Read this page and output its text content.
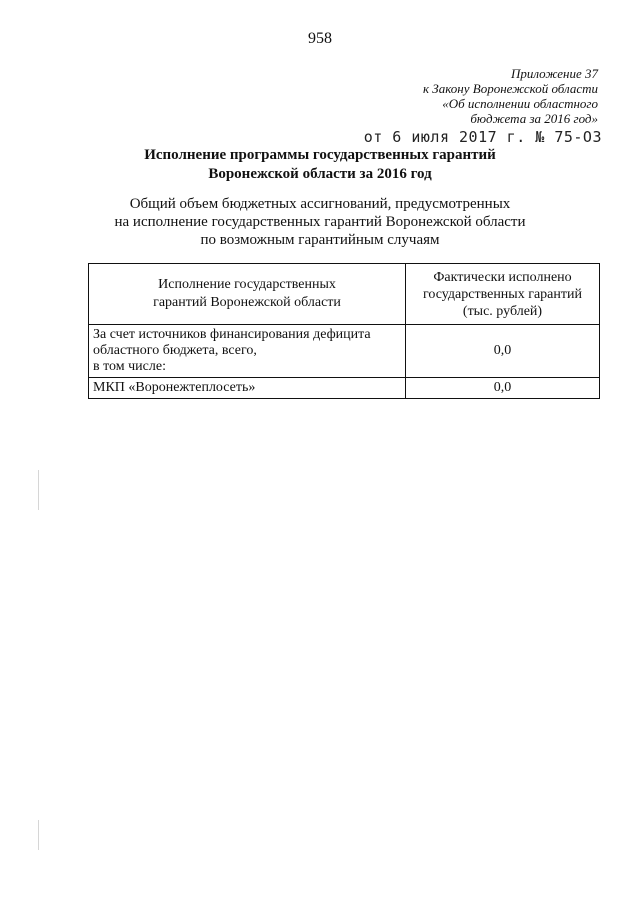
958
Приложение 37
к Закону Воронежской области
«Об исполнении областного
бюджета за 2016 год»
от 6 июля 2017 г. № 75-ОЗ
Исполнение программы государственных гарантий
Воронежской области за 2016 год
Общий объем бюджетных ассигнований, предусмотренных
на исполнение государственных гарантий Воронежской области
по возможным гарантийным случаям
Исполнение государственных
гарантий Воронежской области	Фактически исполнено
государственных гарантий
(тыс. рублей)

За счет источников финансирования дефицита
областного бюджета, всего,
в том числе:	0,0

МКП «Воронежтеплосеть»	0,0
